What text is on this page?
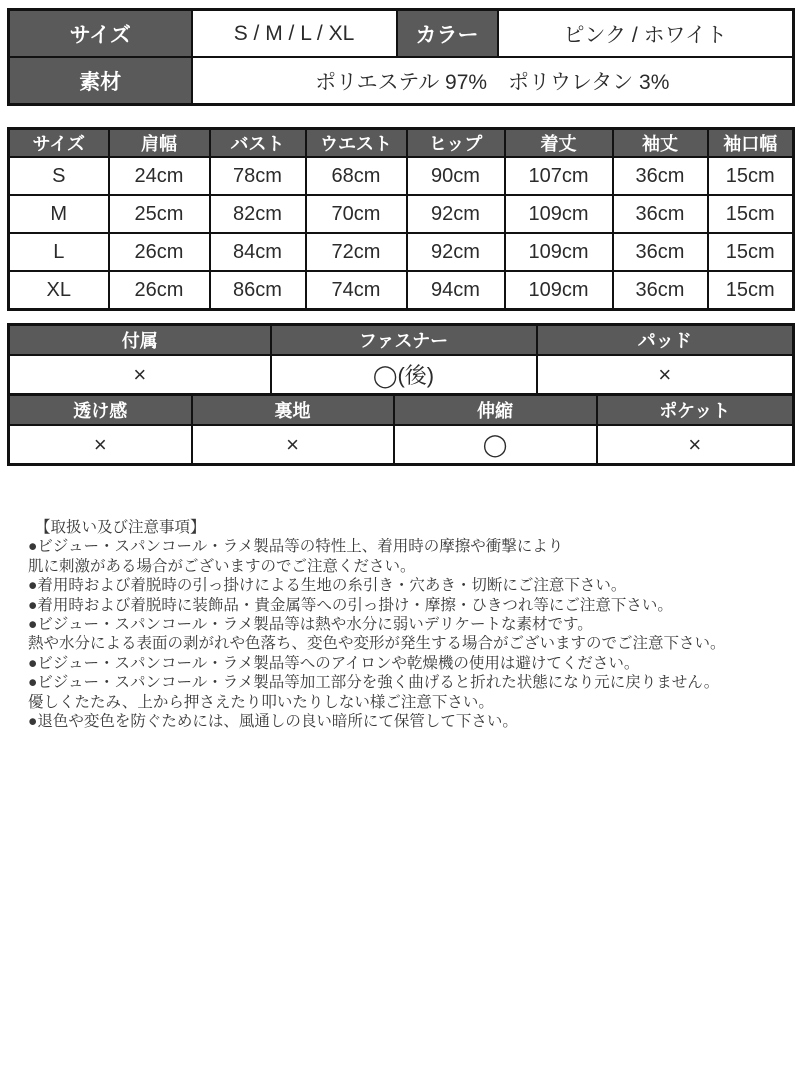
サイズ	S / M / L / XL	カラー	ピンク / ホワイト
素材	ポリエステル 97%　ポリウレタン 3%		
サイズ	肩幅	バスト	ウエスト	ヒップ	着丈	袖丈	袖口幅
S	24cm	78cm	68cm	90cm	107cm	36cm	15cm
M	25cm	82cm	70cm	92cm	109cm	36cm	15cm
L	26cm	84cm	72cm	92cm	109cm	36cm	15cm
XL	26cm	86cm	74cm	94cm	109cm	36cm	15cm
付属	ファスナー	パッド
×	◯(後)	×
透け感	裏地	伸縮	ポケット
×	×	◯	×
【取扱い及び注意事項】
●ビジュー・スパンコール・ラメ製品等の特性上、着用時の摩擦や衝撃により
肌に刺激がある場合がございますのでご注意ください。
●着用時および着脱時の引っ掛けによる生地の糸引き・穴あき・切断にご注意下さい。
●着用時および着脱時に装飾品・貴金属等への引っ掛け・摩擦・ひきつれ等にご注意下さい。
●ビジュー・スパンコール・ラメ製品等は熱や水分に弱いデリケートな素材です。
熱や水分による表面の剥がれや色落ち、変色や変形が発生する場合がございますのでご注意下さい。
●ビジュー・スパンコール・ラメ製品等へのアイロンや乾燥機の使用は避けてください。
●ビジュー・スパンコール・ラメ製品等加工部分を強く曲げると折れた状態になり元に戻りません。
優しくたたみ、上から押さえたり叩いたりしない様ご注意下さい。
●退色や変色を防ぐためには、風通しの良い暗所にて保管して下さい。
